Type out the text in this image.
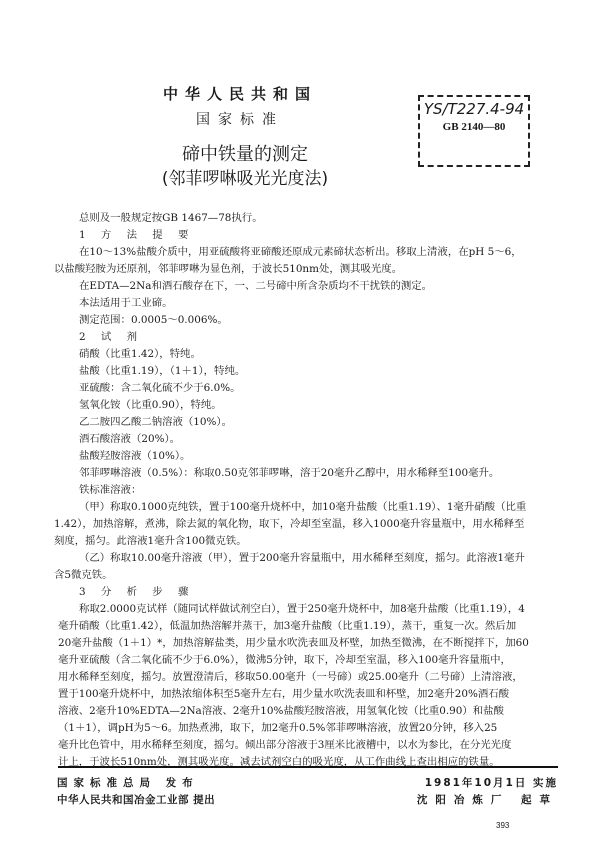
中华人民共和国
国家标准
碲中铁量的测定
(邻菲啰啉吸光光度法)
YS/T227.4-94
GB 2140—80

总则及一般规定按GB 1467—78执行。

1 方 法 提 要

在10～13%盐酸介质中，用亚硫酸将亚碲酸还原成元素碲状态析出。移取上清液，在pH 5～6，

以盐酸羟胺为还原剂，邻菲啰啉为显色剂，于波长510nm处，测其吸光度。

在EDTA—2Na和酒石酸存在下，一、二号碲中所含杂质均不干扰铁的测定。

本法适用于工业碲。

测定范围：0.0005～0.006%。

2 试 剂

硝酸（比重1.42），特纯。

盐酸（比重1.19），（1＋1），特纯。

亚硫酸：含二氧化硫不少于6.0%。

氢氧化铵（比重0.90），特纯。

乙二胺四乙酸二钠溶液（10%）。

酒石酸溶液（20%）。

盐酸羟胺溶液（10%）。

邻菲啰啉溶液（0.5%）：称取0.50克邻菲啰啉，溶于20毫升乙醇中，用水稀释至100毫升。

铁标准溶液：

（甲）称取0.1000克纯铁，置于100毫升烧杯中，加10毫升盐酸（比重1.19）、1毫升硝酸（比重

1.42），加热溶解，煮沸，除去氮的氧化物，取下，冷却至室温，移入1000毫升容量瓶中，用水稀释至

刻度，摇匀。此溶液1毫升含100微克铁。

（乙）称取10.00毫升溶液（甲），置于200毫升容量瓶中，用水稀释至刻度，摇匀。此溶液1毫升

含5微克铁。

3 分 析 步 骤

称取2.0000克试样（随同试样做试剂空白），置于250毫升烧杯中，加8毫升盐酸（比重1.19），4

毫升硝酸（比重1.42），低温加热溶解并蒸干，加3毫升盐酸（比重1.19），蒸干，重复一次。然后加

20毫升盐酸（1＋1）*，加热溶解盐类，用少量水吹洗表皿及杯壁，加热至微沸，在不断搅拌下，加60

毫升亚硫酸（含二氧化硫不少于6.0%），微沸5分钟，取下，冷却至室温，移入100毫升容量瓶中，

用水稀释至刻度，摇匀。放置澄清后，移取50.00毫升（一号碲）或25.00毫升（二号碲）上清溶液，

置于100毫升烧杯中，加热浓缩体积至5毫升左右，用少量水吹洗表皿和杯壁，加2毫升20%酒石酸

溶液、2毫升10%EDTA—2Na溶液、2毫升10%盐酸羟胺溶液，用氢氧化铵（比重0.90）和盐酸

（1＋1），调pH为5～6。加热煮沸，取下，加2毫升0.5%邻菲啰啉溶液，放置20分钟，移入25

毫升比色管中，用水稀释至刻度，摇匀。倾出部分溶液于3厘米比液槽中，以水为参比，在分光光度

计上，于波长510nm处，测其吸光度。减去试剂空白的吸光度，从工作曲线上查出相应的铁量。

国家标准总局 发布
中华人民共和国冶金工业部 提出
1981年10月1日 实施
沈阳冶炼厂 起草
393
